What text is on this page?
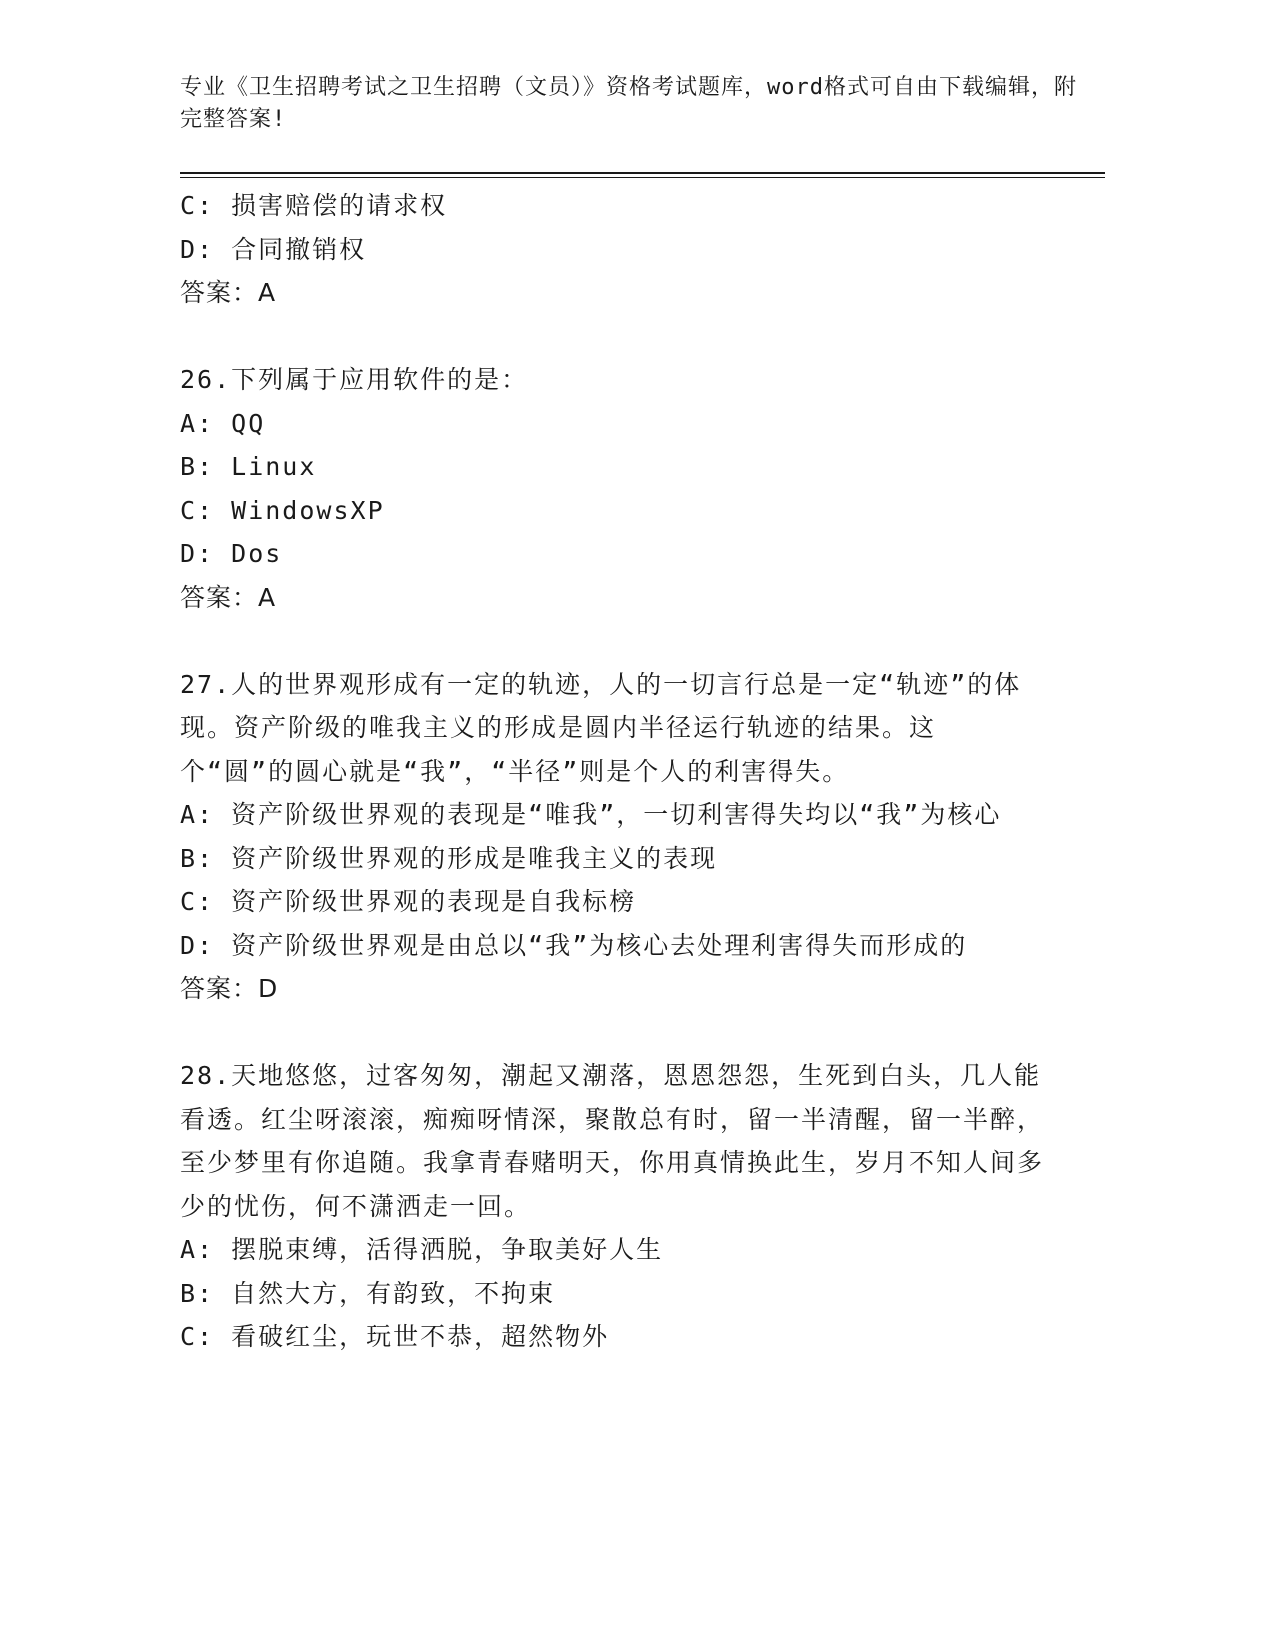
专业《卫生招聘考试之卫生招聘（文员）》资格考试题库，word格式可自由下载编辑，附完整答案!
C: 损害赔偿的请求权
D: 合同撤销权
答案：A
26.下列属于应用软件的是：
A: QQ
B: Linux
C: WindowsXP
D: Dos
答案：A
27.人的世界观形成有一定的轨迹，人的一切言行总是一定“轨迹”的体现。资产阶级的唯我主义的形成是圆内半径运行轨迹的结果。这个“圆”的圆心就是“我”，“半径”则是个人的利害得失。
A: 资产阶级世界观的表现是“唯我”，一切利害得失均以“我”为核心
B: 资产阶级世界观的形成是唯我主义的表现
C: 资产阶级世界观的表现是自我标榜
D: 资产阶级世界观是由总以“我”为核心去处理利害得失而形成的
答案：D
28.天地悠悠，过客匆匆，潮起又潮落，恩恩怨怨，生死到白头，几人能看透。红尘呀滚滚，痴痴呀情深，聚散总有时，留一半清醒，留一半醉，至少梦里有你追随。我拿青春赌明天，你用真情换此生，岁月不知人间多少的忧伤，何不潇洒走一回。
A: 摆脱束缚，活得洒脱，争取美好人生
B: 自然大方，有韵致，不拘束
C: 看破红尘，玩世不恭，超然物外
